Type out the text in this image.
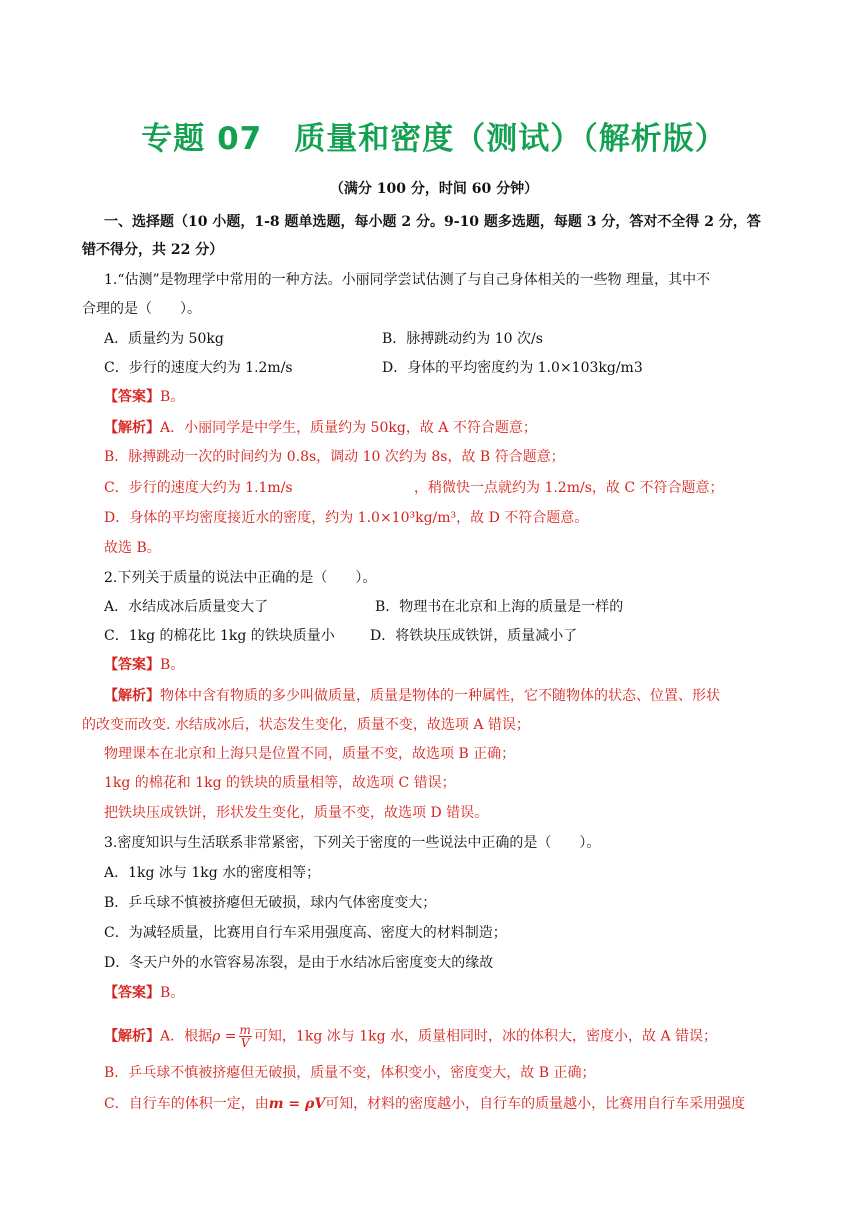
专题 07　质量和密度（测试）（解析版）
（满分 100 分，时间 60 分钟）
一、选择题（10 小题，1-8 题单选题，每小题 2 分。9-10 题多选题，每题 3 分，答对不全得 2 分，答
错不得分，共 22 分）
1.“估测”是物理学中常用的一种方法。小丽同学尝试估测了与自己身体相关的一些物 理量，其中不
合理的是（　　）。
A．质量约为 50kg	B．脉搏跳动约为 10 次/s
C．步行的速度大约为 1.2m/s	D．身体的平均密度约为 1.0×103kg/m3
【答案】B。
【解析】A．小丽同学是中学生，质量约为 50kg，故 A 不符合题意；
B．脉搏跳动一次的时间约为 0.8s，调动 10 次约为 8s，故 B 符合题意；
C．步行的速度大约为 1.1m/s	，稍微快一点就约为 1.2m/s，故 C 不符合题意；
D．身体的平均密度接近水的密度，约为 1.0×10³kg/m³，故 D 不符合题意。
故选 B。
2.下列关于质量的说法中正确的是（　　）。
A．水结成冰后质量变大了	B．物理书在北京和上海的质量是一样的
C．1kg 的棉花比 1kg 的铁块质量小	D．将铁块压成铁饼，质量减小了
【答案】B。
【解析】物体中含有物质的多少叫做质量，质量是物体的一种属性，它不随物体的状态、位置、形状
的改变而改变. 水结成冰后，状态发生变化，质量不变，故选项 A 错误；
物理课本在北京和上海只是位置不同，质量不变，故选项 B 正确；
1kg 的棉花和 1kg 的铁块的质量相等，故选项 C 错误；
把铁块压成铁饼，形状发生变化，质量不变，故选项 D 错误。
3.密度知识与生活联系非常紧密，下列关于密度的一些说法中正确的是（　　）。
A．1kg 冰与 1kg 水的密度相等；
B．乒乓球不慎被挤瘪但无破损，球内气体密度变大；
C．为减轻质量，比赛用自行车采用强度高、密度大的材料制造；
D．冬天户外的水管容易冻裂，是由于水结冰后密度变大的缘故
【答案】B。
【解析】A．根据$\rho = \frac{m}{V}$ 可知，1kg 冰与 1kg 水，质量相同时，冰的体积大，密度小，故 A 错误；
B．乒乓球不慎被挤瘪但无破损，质量不变，体积变小，密度变大，故 B 正确；
C．自行车的体积一定，由m = ρV可知，材料的密度越小，自行车的质量越小，比赛用自行车采用强度
